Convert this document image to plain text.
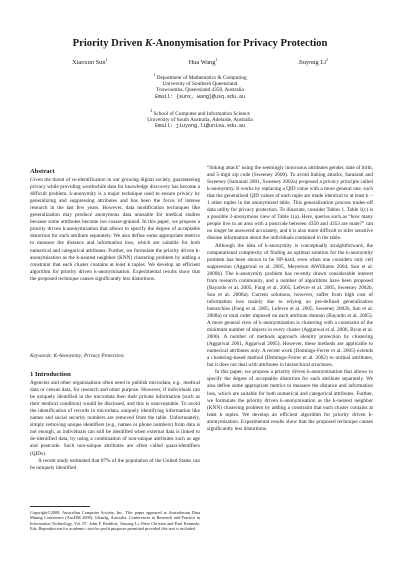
Priority Driven K-Anonymisation for Privacy Protection
Xiaoxun Sun$^1$	Hua Wang$^1$	Jiuyong Li$^2$
$^1$ Department of Mathematics & Computing
University of Southern Queensland
Toowoomba, Queensland 4350, Australia
Email: {sunx, wang}@usq.edu.au
$^2$ School of Computer and Information Science
University of South Australia, Adelaide, Australia
Email: jiuyong.li@unisa.edu.au
Abstract

Given the threat of re-identification in our growing digital society, guaranteeing privacy while providing worthwhile data for knowledge discovery has become a difficult problem. k-anonymity is a major technique used to ensure privacy by generalizing and suppressing attributes and has been the focus of intense research in the last few years. However, data modification techniques like generalization may produce anonymous data unusable for medical studies because some attributes become too coarse-grained. In this paper, we propose a priority driven k-anonymisation that allows to specify the degree of acceptable distortion for each attribute separately. We also define some appropriate metrics to measure the distance and information loss, which are suitable for both numerical and categorical attributes. Further, we formulate the priority driven k-anonymisation as the k-nearest neighbor (KNN) clustering problem by adding a constraint that each cluster contains at least k tuples. We develop an efficient algorithm for priority driven k-anonymisation. Experimental results show that the proposed technique causes significantly less distortions.

Keywords: K-Anonymity; Privacy Protection;
1 Introduction

Agencies and other organizations often need to publish microdata, e.g., medical data or census data, for research and other purpose. However, if individuals can be uniquely identified in the microdata then their private information (such as their medical condition) would be disclosed, and this is unacceptable. To avoid the identification of records in microdata, uniquely identifying information like names and social security numbers are removed from the table. Unfortunately, simply removing unique identifiers (e.g., names or phone numbers) from data is not enough, as individuals can still be identified when external data is linked to de-identified data, by using a combination of non-unique attributes such as age and postcode. Such non-unique attributes are often called quasi-identifiers (QIDs).

A recent study estimated that 87% of the population of the United States can be uniquely identified

Copyright©2008, Australian Computer Society, Inc. This paper appeared at Australasian Data Mining Conference (AusDM 2008), Glenelg, Australia. Conferences in Research and Practice in Information Technology, Vol. 87. John F. Roddick, Jiuyong Li, Peter Christen and Paul Kennedy, Eds. Reproduction for academic, not-for profit purposes permitted provided this text is included.

“linking attack” using the seemingly innocuous attributes gender, date of birth, and 5-digit zip code (Sweeney 2000). To avoid linking attacks, Samarati and Sweeney (Samarati 2001, Sweeney 2002a) proposed a privacy principle called k-anonymity. It works by replacing a QID value with a more general one, such that the generalized QID values of each tuple are made identical to at least k − 1 other tuples in the anonymized table. This generalization process trades-off data utility for privacy protection. To illustrate, consider Tables 1. Table 1(c) is a possible 2-anonymous view of Table 1(a). Here, queries such as “how many people live in an area with a postcode between 4350 and 4353 are male?” can no longer be answered accurately, and it is also more difficult to infer sensitive disease information about the individuals contained in the table.

Although the idea of k-anonymity is conceptually straightforward, the computational complexity of finding an optimal solution for the k-anonymity problem has been shown to be NP-hard, even when one considers only cell suppression (Aggarwal et al. 2005, Meyerson &Williams 2004, Sun et al. 2008b). The k-anonymity problem has recently drawn considerable interest from research community, and a number of algorithms have been proposed (Bayardo et al. 2005, Fung et al. 2005, Lefevre et al. 2005, Sweeney 2002b, Sun et al. 2008a). Current solutions, however, suffer from high cost of information loss mainly due to relying on pre-defined generalization hierarchies (Fung et al. 2005, Lefevre et al. 2005, Sweeney 2002b, Sun et al. 2008a) or total order imposed on each attribute domain (Bayardo et al. 2005). A more general view of k-anonymization is clustering with a constraint of the minimum number of objects in every cluster (Aggarwal et al. 2006, Byun et al. 2006). A number of methods approach identity protection by clustering (Aggarwal 2001, Aggarwal 2005). However, these methods are applicable to numerical attributes only. A recent work (Domingo-Ferrer et al. 2005) extends a clustering-based method (Domingo-Ferrer et al. 2002) to ordinal attributes, but it does not deal with attributes in hierarchical structures.

In this paper, we propose a priority driven k-anonymisation that allows to specify the degree of acceptable distortion for each attribute separately. We also define some appropriate metrics to measure the distance and information loss, which are suitable for both numerical and categorical attributes. Further, we formulate the priority driven k-anonymisation as the k-nearest neighbor (KNN) clustering problem by adding a constraint that each cluster contains at least k tuples. We develop an efficient algorithm for priority driven k-anonymisation. Experimental results show that the proposed technique causes significantly less distortions.
